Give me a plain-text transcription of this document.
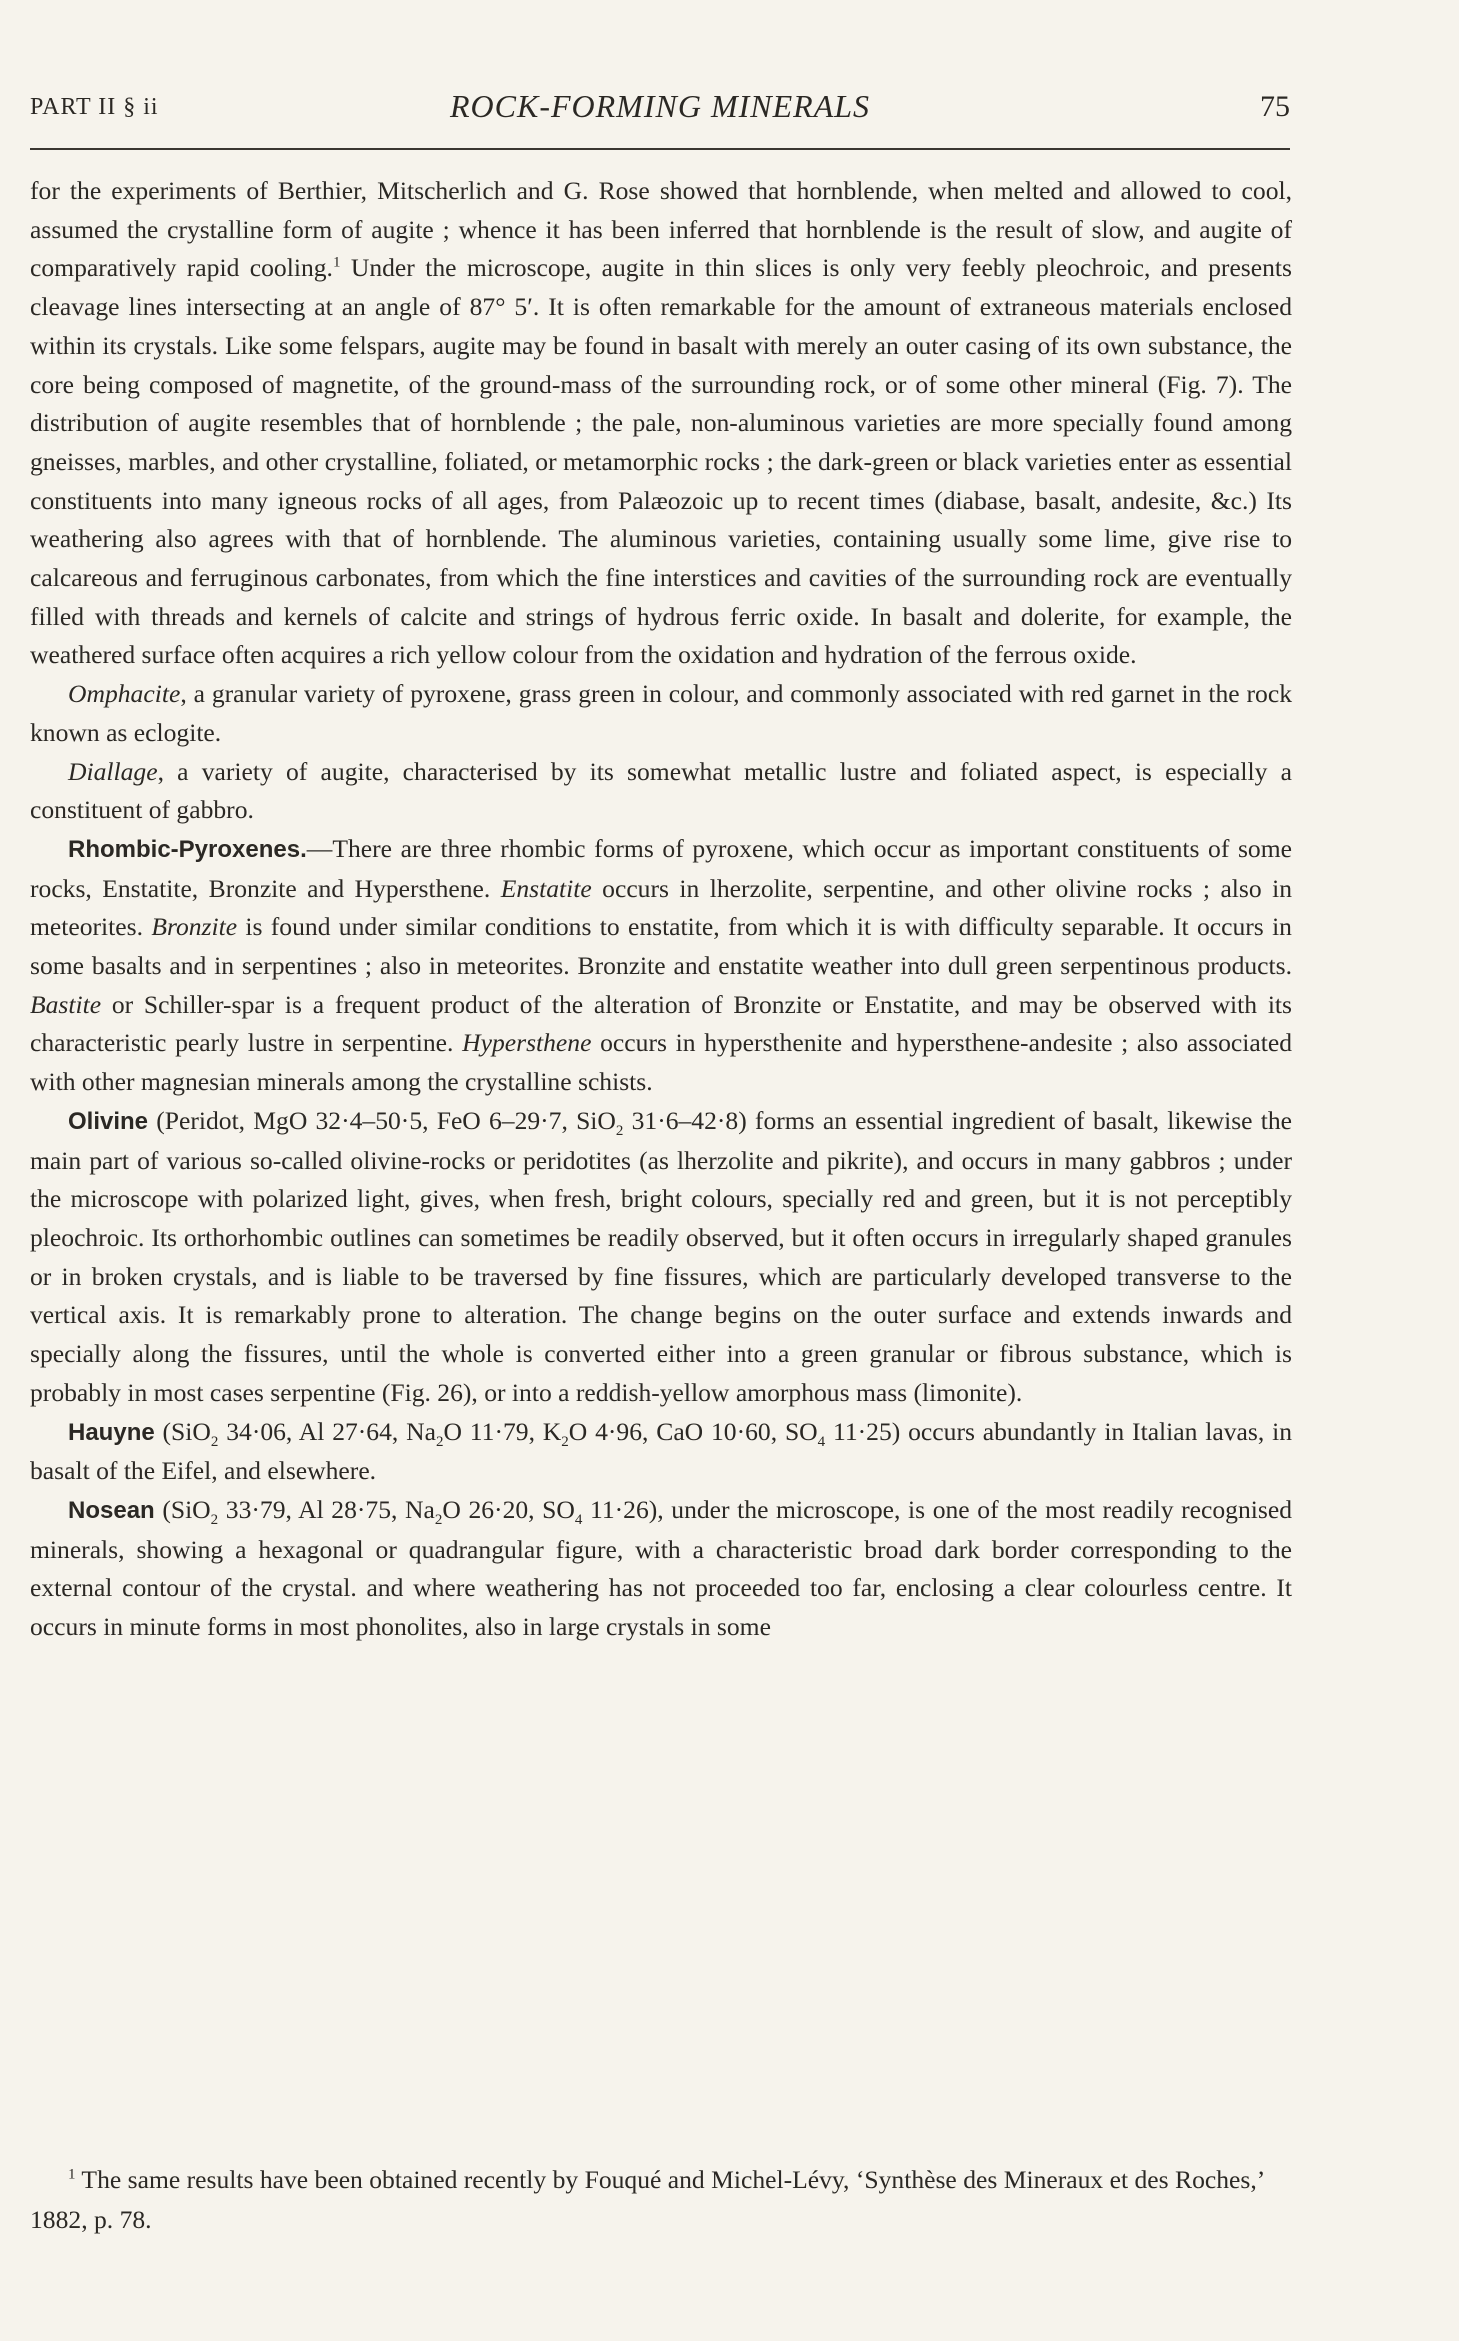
PART II § ii	ROCK-FORMING MINERALS	75

for the experiments of Berthier, Mitscherlich and G. Rose showed that hornblende, when melted and allowed to cool, assumed the crystalline form of augite ; whence it has been inferred that hornblende is the result of slow, and augite of comparatively rapid cooling.$^1$ Under the microscope, augite in thin slices is only very feebly pleochroic, and presents cleavage lines intersecting at an angle of 87° 5′. It is often remarkable for the amount of extraneous materials enclosed within its crystals. Like some felspars, augite may be found in basalt with merely an outer casing of its own substance, the core being composed of magnetite, of the ground-mass of the surrounding rock, or of some other mineral (Fig. 7). The distribution of augite resembles that of hornblende ; the pale, non-aluminous varieties are more specially found among gneisses, marbles, and other crystalline, foliated, or metamorphic rocks ; the dark-green or black varieties enter as essential constituents into many igneous rocks of all ages, from Palæozoic up to recent times (diabase, basalt, andesite, &c.) Its weathering also agrees with that of hornblende. The aluminous varieties, containing usually some lime, give rise to calcareous and ferruginous carbonates, from which the fine interstices and cavities of the surrounding rock are eventually filled with threads and kernels of calcite and strings of hydrous ferric oxide. In basalt and dolerite, for example, the weathered surface often acquires a rich yellow colour from the oxidation and hydration of the ferrous oxide.

Omphacite, a granular variety of pyroxene, grass green in colour, and commonly associated with red garnet in the rock known as eclogite.

Diallage, a variety of augite, characterised by its somewhat metallic lustre and foliated aspect, is especially a constituent of gabbro.

Rhombic-Pyroxenes.—There are three rhombic forms of pyroxene, which occur as important constituents of some rocks, Enstatite, Bronzite and Hypersthene. Enstatite occurs in lherzolite, serpentine, and other olivine rocks ; also in meteorites. Bronzite is found under similar conditions to enstatite, from which it is with difficulty separable. It occurs in some basalts and in serpentines ; also in meteorites. Bronzite and enstatite weather into dull green serpentinous products. Bastite or Schiller-spar is a frequent product of the alteration of Bronzite or Enstatite, and may be observed with its characteristic pearly lustre in serpentine. Hypersthene occurs in hypersthenite and hypersthene-andesite ; also associated with other magnesian minerals among the crystalline schists.

Olivine (Peridot, MgO 32·4–50·5, FeO 6–29·7, SiO$_2$ 31·6–42·8) forms an essential ingredient of basalt, likewise the main part of various so-called olivine-rocks or peridotites (as lherzolite and pikrite), and occurs in many gabbros ; under the microscope with polarized light, gives, when fresh, bright colours, specially red and green, but it is not perceptibly pleochroic. Its orthorhombic outlines can sometimes be readily observed, but it often occurs in irregularly shaped granules or in broken crystals, and is liable to be traversed by fine fissures, which are particularly developed transverse to the vertical axis. It is remarkably prone to alteration. The change begins on the outer surface and extends inwards and specially along the fissures, until the whole is converted either into a green granular or fibrous substance, which is probably in most cases serpentine (Fig. 26), or into a reddish-yellow amorphous mass (limonite).

Hauyne (SiO$_2$ 34·06, Al 27·64, $Na_2O$ 11·79, $K_2O$ 4·96, CaO 10·60, $SO_4$ 11·25) occurs abundantly in Italian lavas, in basalt of the Eifel, and elsewhere.

Nosean (SiO$_2$ 33·79, Al 28·75, $Na_2O$ 26·20, $SO_4$ 11·26), under the microscope, is one of the most readily recognised minerals, showing a hexagonal or quadrangular figure, with a characteristic broad dark border corresponding to the external contour of the crystal. and where weathering has not proceeded too far, enclosing a clear colourless centre. It occurs in minute forms in most phonolites, also in large crystals in some

$^1$ The same results have been obtained recently by Fouqué and Michel-Lévy, ‘Synthèse des Mineraux et des Roches,’ 1882, p. 78.
